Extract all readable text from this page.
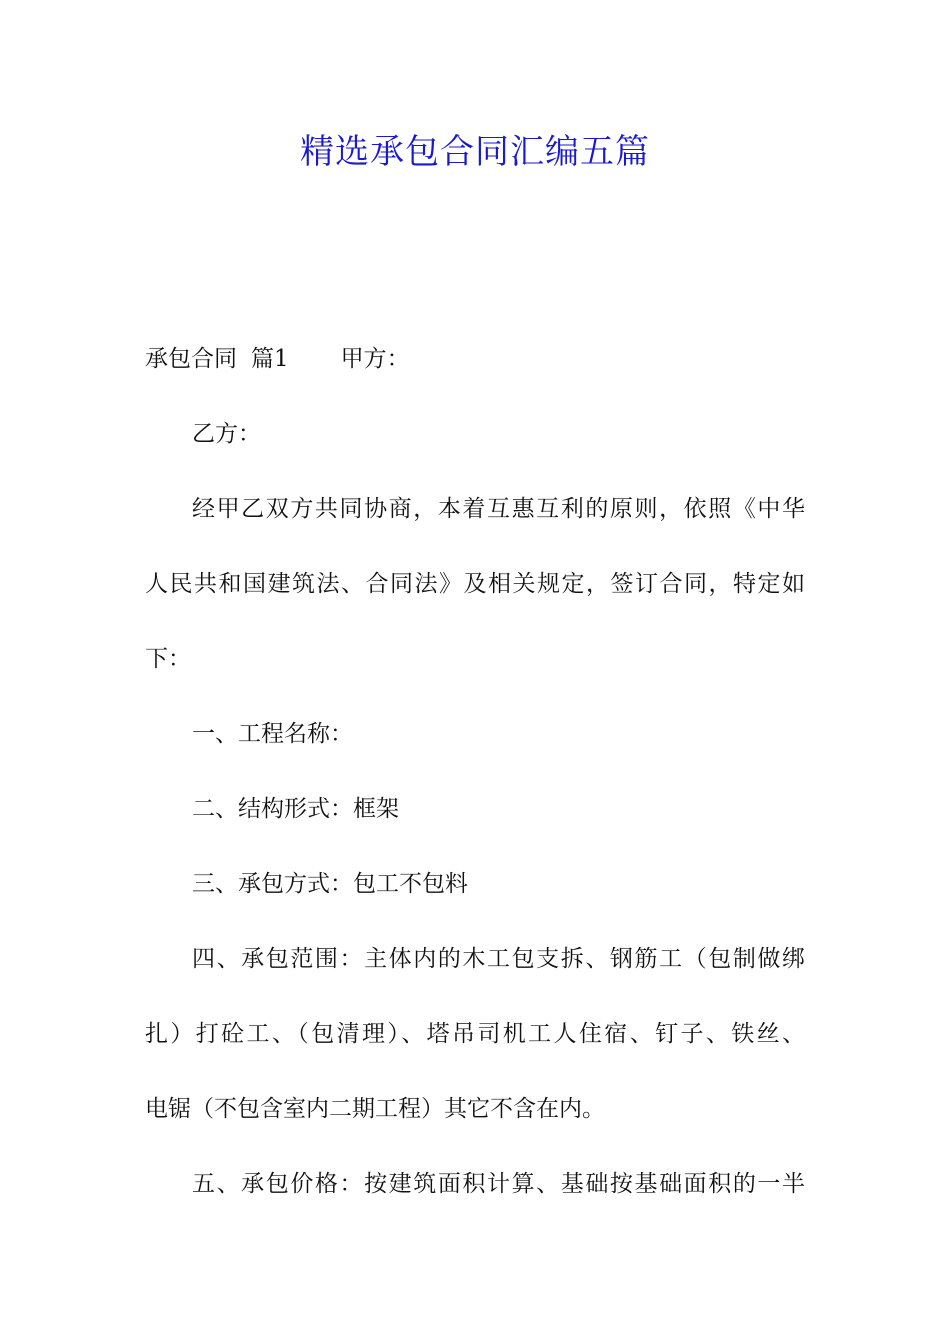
精选承包合同汇编五篇
承包合同 篇1 甲方：
乙方：
经甲乙双方共同协商，本着互惠互利的原则，依照《中华
人民共和国建筑法、合同法》及相关规定，签订合同，特定如
下：
一、工程名称：
二、结构形式：框架
三、承包方式：包工不包料
四、承包范围：主体内的木工包支拆、钢筋工（包制做绑
扎）打砼工、（包清理）、塔吊司机工人住宿、钉子、铁丝、
电锯（不包含室内二期工程）其它不含在内。
五、承包价格：按建筑面积计算、基础按基础面积的一半
